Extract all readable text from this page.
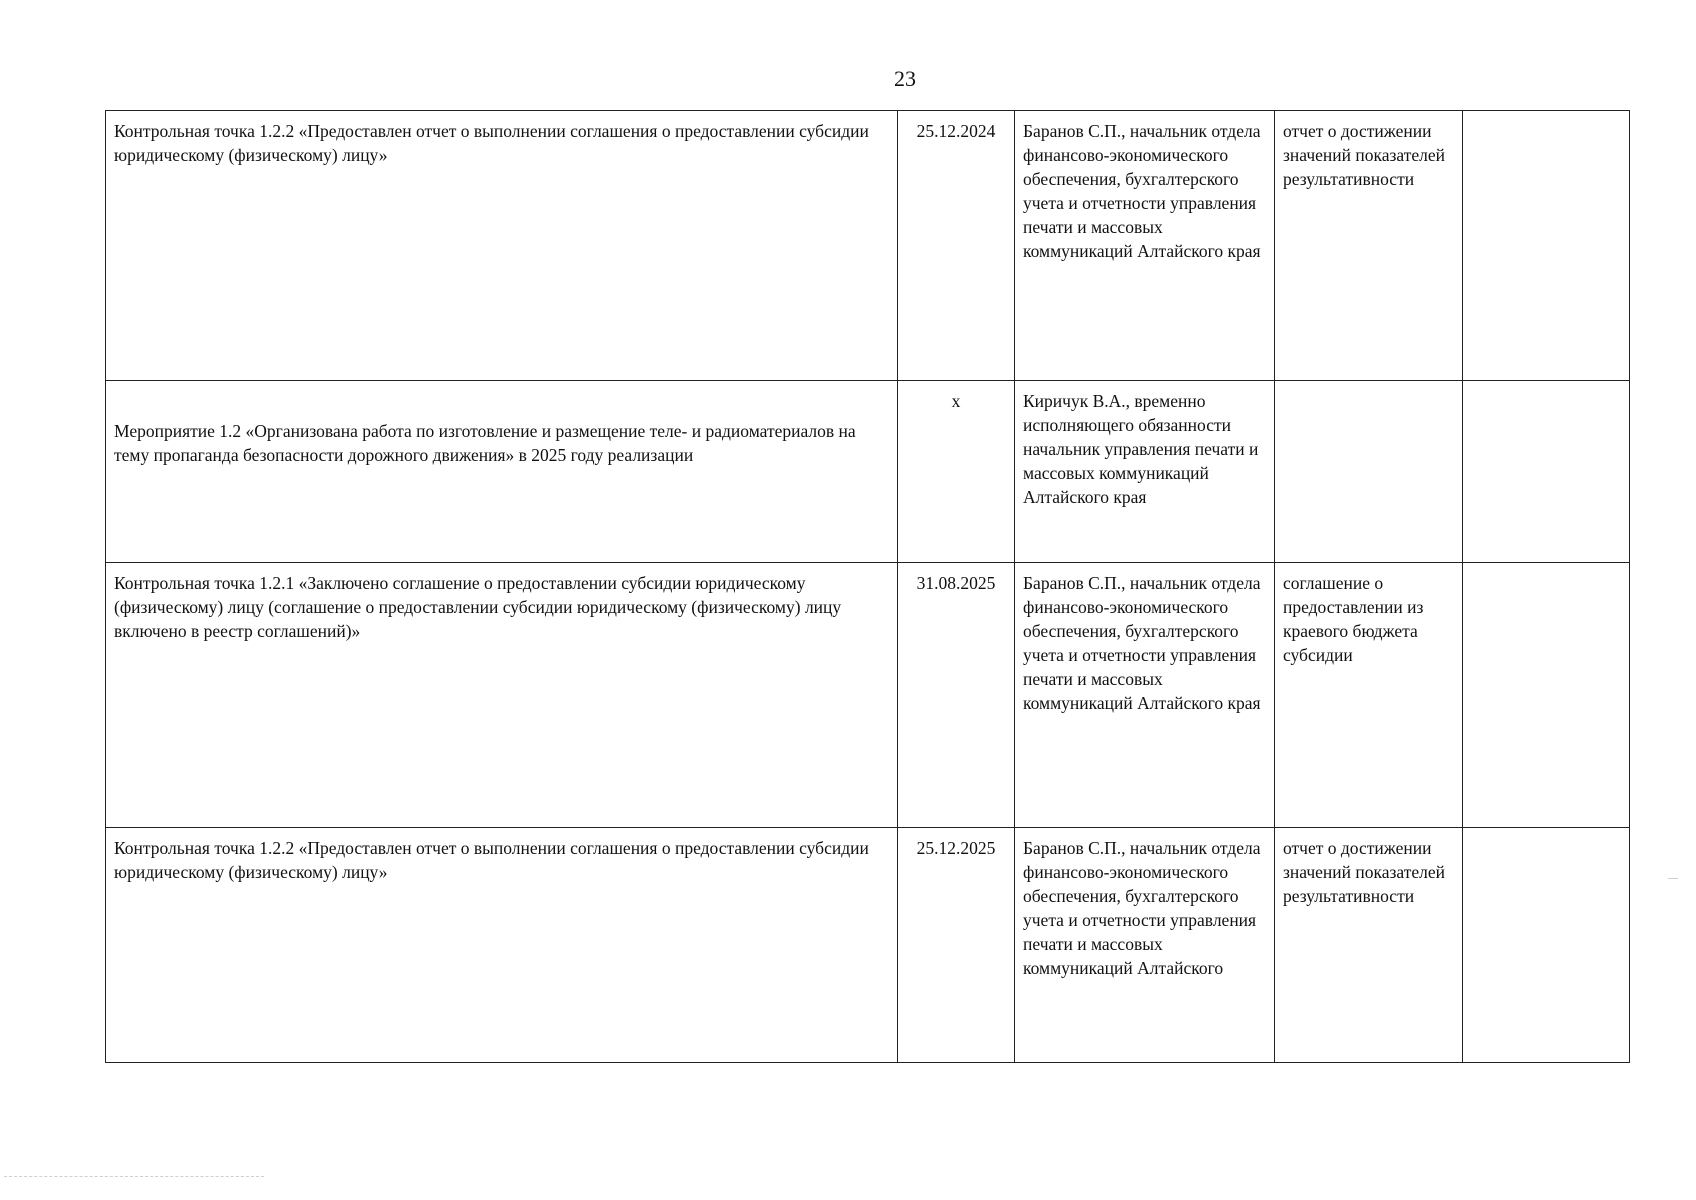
23
Контрольная точка 1.2.2 «Предоставлен отчет о выполнении соглашения о предоставлении субсидии юридическому (физическому) лицу»	25.12.2024	Баранов С.П., начальник отдела финансово-экономического обеспечения, бухгалтерского учета и отчетности управления печати и массовых коммуникаций Алтайского края	отчет о достижении значений показателей результативности	

Мероприятие 1.2 «Организована работа по изготовление и размещение теле- и радиоматериалов на тему пропаганда безопасности дорожного движения» в 2025 году реализации	х	Киричук В.А., временно исполняющего обязанности начальник управления печати и массовых коммуникаций Алтайского края		
Контрольная точка 1.2.1 «Заключено соглашение о предоставлении субсидии юридическому (физическому) лицу (соглашение о предоставлении субсидии юридическому (физическому) лицу включено в реестр соглашений)»	31.08.2025	Баранов С.П., начальник отдела финансово-экономического обеспечения, бухгалтерского учета и отчетности управления печати и массовых коммуникаций Алтайского края	соглашение о предоставлении из краевого бюджета субсидии	
Контрольная точка 1.2.2 «Предоставлен отчет о выполнении соглашения о предоставлении субсидии юридическому (физическому) лицу»	25.12.2025	Баранов С.П., начальник отдела финансово-экономического обеспечения, бухгалтерского учета и отчетности управления печати и массовых коммуникаций Алтайского	отчет о достижении значений показателей результативности	
